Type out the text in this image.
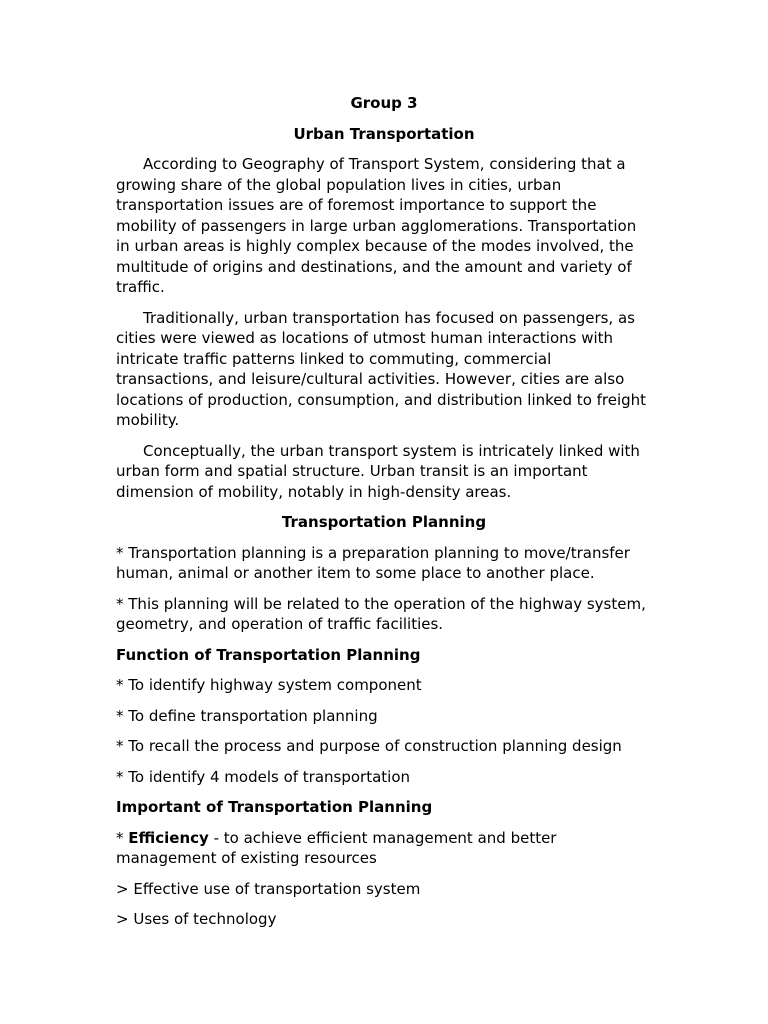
Group 3
Urban Transportation

According to Geography of Transport System, considering that a growing share of the global population lives in cities, urban transportation issues are of foremost importance to support the mobility of passengers in large urban agglomerations. Transportation in urban areas is highly complex because of the modes involved, the multitude of origins and destinations, and the amount and variety of traffic.

Traditionally, urban transportation has focused on passengers, as cities were viewed as locations of utmost human interactions with intricate traffic patterns linked to commuting, commercial transactions, and leisure/cultural activities. However, cities are also locations of production, consumption, and distribution linked to freight mobility.

Conceptually, the urban transport system is intricately linked with urban form and spatial structure. Urban transit is an important dimension of mobility, notably in high-density areas.

Transportation Planning

* Transportation planning is a preparation planning to move/transfer human, animal or another item to some place to another place.

* This planning will be related to the operation of the highway system, geometry, and operation of traffic facilities.

Function of Transportation Planning

* To identify highway system component

* To define transportation planning

* To recall the process and purpose of construction planning design

* To identify 4 models of transportation

Important of Transportation Planning

* Efficiency - to achieve efficient management and better management of existing resources

> Effective use of transportation system

> Uses of technology
